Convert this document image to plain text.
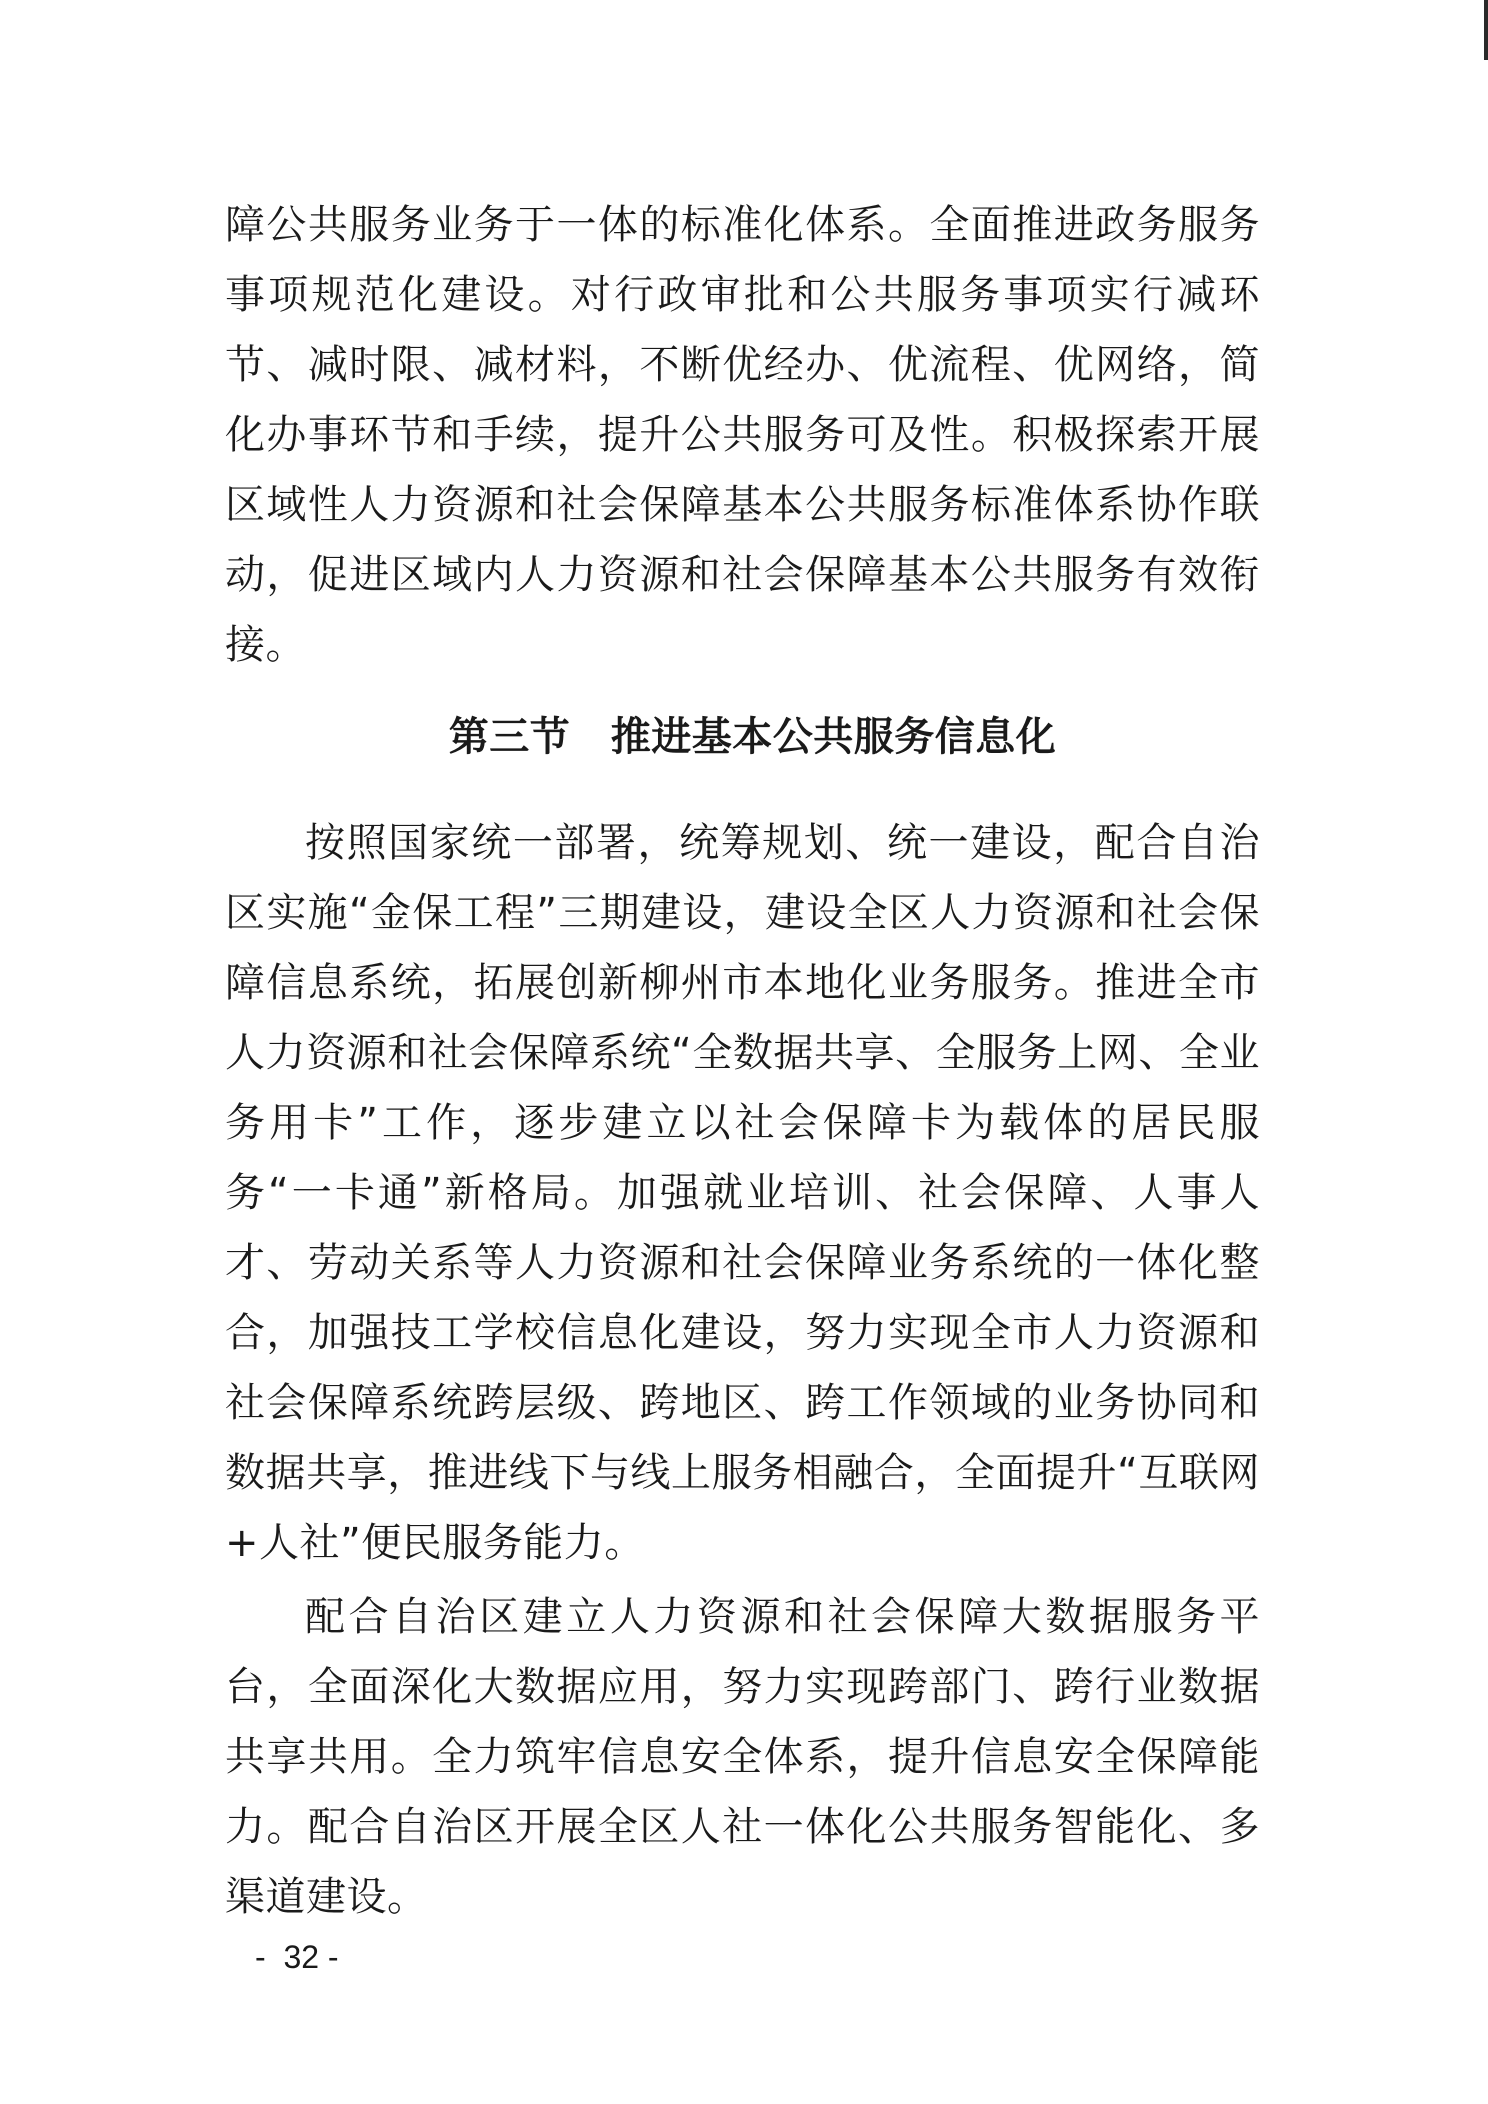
障公共服务业务于一体的标准化体系。全面推进政务服务事项规范化建设。对行政审批和公共服务事项实行减环节、减时限、减材料，不断优经办、优流程、优网络，简化办事环节和手续，提升公共服务可及性。积极探索开展区域性人力资源和社会保障基本公共服务标准体系协作联动，促进区域内人力资源和社会保障基本公共服务有效衔接。

第三节　推进基本公共服务信息化

按照国家统一部署，统筹规划、统一建设，配合自治区实施“金保工程”三期建设，建设全区人力资源和社会保障信息系统，拓展创新柳州市本地化业务服务。推进全市人力资源和社会保障系统“全数据共享、全服务上网、全业务用卡”工作，逐步建立以社会保障卡为载体的居民服务“一卡通”新格局。加强就业培训、社会保障、人事人才、劳动关系等人力资源和社会保障业务系统的一体化整合，加强技工学校信息化建设，努力实现全市人力资源和社会保障系统跨层级、跨地区、跨工作领域的业务协同和数据共享，推进线下与线上服务相融合，全面提升“互联网+人社”便民服务能力。

配合自治区建立人力资源和社会保障大数据服务平台，全面深化大数据应用，努力实现跨部门、跨行业数据共享共用。全力筑牢信息安全体系，提升信息安全保障能力。配合自治区开展全区人社一体化公共服务智能化、多渠道建设。

-  32 -
